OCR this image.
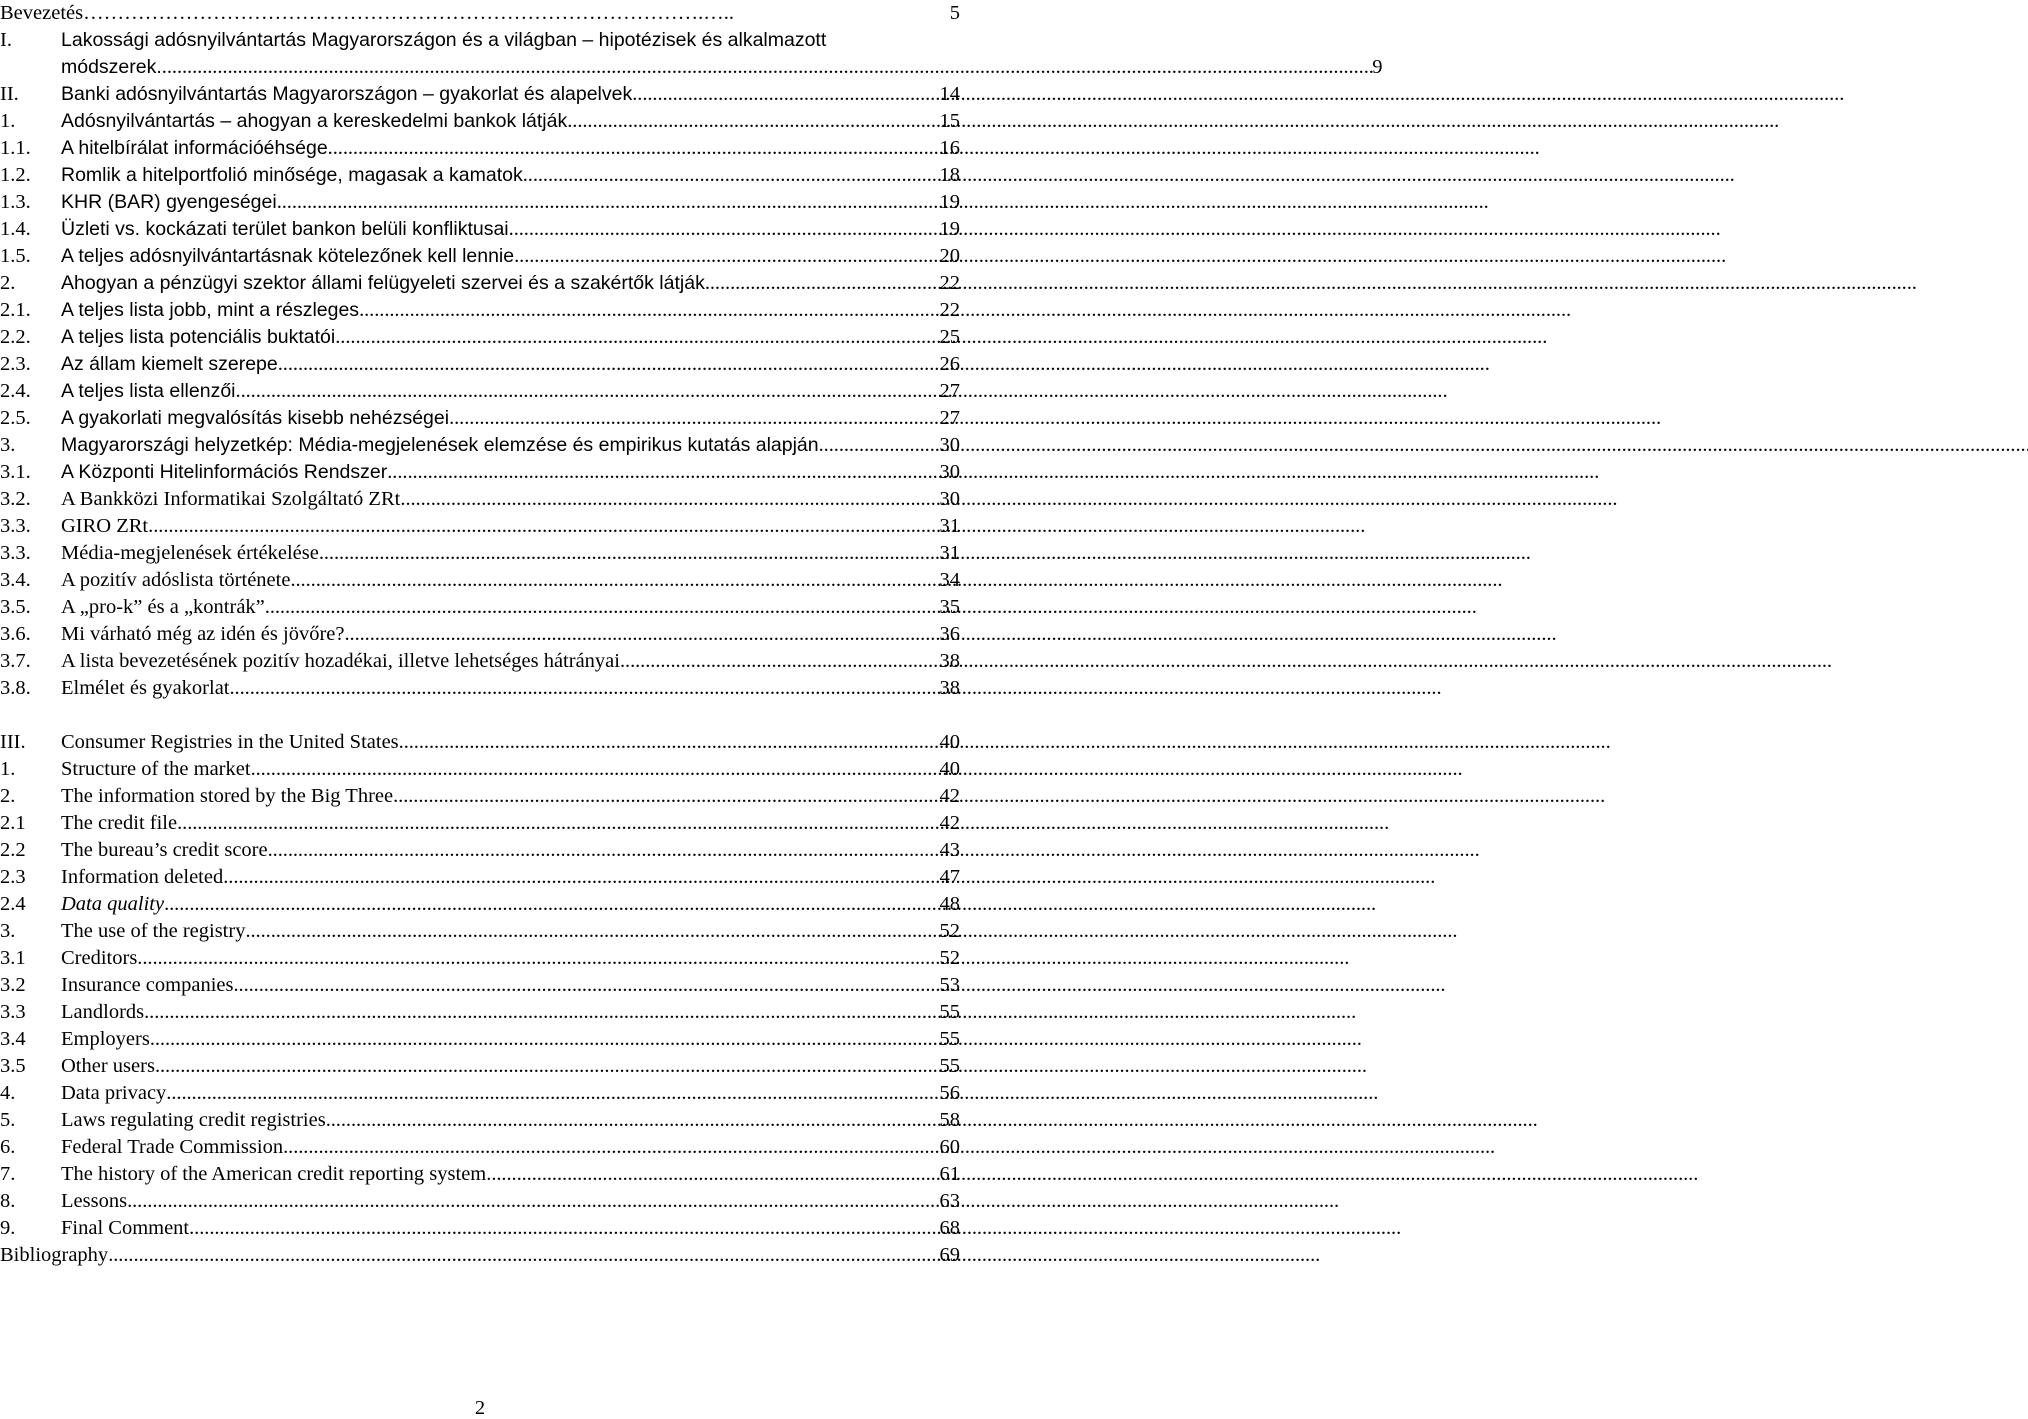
Bevezetés ……………………………………………………………………………….…..	5
I.	Lakossági adósnyilvántartás Magyarországon és a világban – hipotézisek és alkalmazott
módszerek. . . .	9
II.	Banki adósnyilvántartás Magyarországon – gyakorlat és alapelvek . . .	14
1.	Adósnyilvántartás – ahogyan a kereskedelmi bankok látják . . .	15
1.1.	A hitelbírálat információéhsége . . .	16
1.2.	Romlik a hitelportfolió minősége, magasak a kamatok . . .	18
1.3.	KHR (BAR) gyengeségei . . .	19
1.4.	Üzleti vs. kockázati terület bankon belüli konfliktusai . . .	19
1.5.	A teljes adósnyilvántartásnak kötelezőnek kell lennie . . .	20
2.	Ahogyan a pénzügyi szektor állami felügyeleti szervei és a szakértők látják . . .	22
2.1.	A teljes lista jobb, mint a részleges . . .	22
2.2.	A teljes lista potenciális buktatói . . .	25
2.3.	Az állam kiemelt szerepe . . .	26
2.4.	A teljes lista ellenzői . . .	27
2.5.	A gyakorlati megvalósítás kisebb nehézségei . . .	27
3.	Magyarországi helyzetkép: Média-megjelenések elemzése és empirikus kutatás alapján . . .	30
3.1.	A Központi Hitelinformációs Rendszer . . .	30
3.2.	A Bankközi Informatikai Szolgáltató ZRt. . . .	30
3.3.	GIRO ZRt. . . .	31
3.3.	Média-megjelenések értékelése . . .	31
3.4.	A pozitív adóslista története . . .	34
3.5.	A „pro-k” és a „kontrák” . . .	35
3.6.	Mi várható még az idén és jövőre? . . .	36
3.7.	A lista bevezetésének pozitív hozadékai, illetve lehetséges hátrányai . . .	38
3.8.	Elmélet és gyakorlat . . .	38
III.	Consumer Registries in the United States . . .	40
1.	Structure of the market . . .	40
2.	The information stored by the Big Three . . .	42
2.1	The credit file . . .	42
2.2	The bureau’s credit score . . .	43
2.3	Information deleted . . .	47
2.4	Data quality . . .	48
3.	The use of the registry . . .	52
3.1	Creditors . . .	52
3.2	Insurance companies . . .	53
3.3	Landlords . . .	55
3.4	Employers . . .	55
3.5	Other users . . .	55
4.	Data privacy . . .	56
5.	Laws regulating credit registries . . .	58
6.	Federal Trade Commission . . .	60
7.	The history of the American credit reporting system . . .	61
8.	Lessons . . .	63
9.	Final Comment . . .	68
Bibliography . . .	69
2
